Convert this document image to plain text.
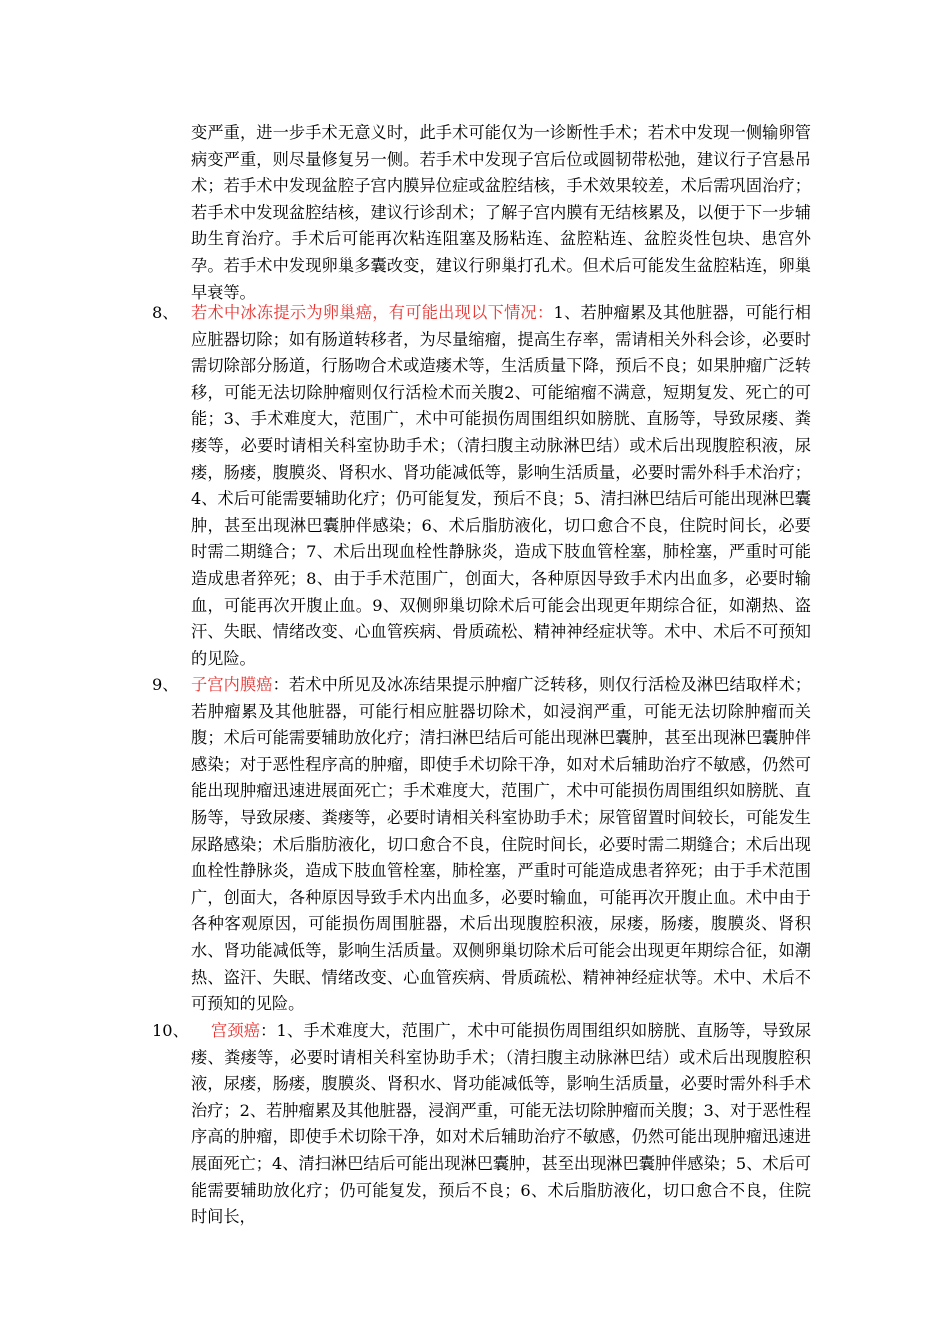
变严重，进一步手术无意义时，此手术可能仅为一诊断性手术；若术中发现一侧输卵管病变严重，则尽量修复另一侧。若手术中发现子宫后位或圆韧带松弛，建议行子宫悬吊术；若手术中发现盆腔子宫内膜异位症或盆腔结核，手术效果较差，术后需巩固治疗；若手术中发现盆腔结核，建议行诊刮术；了解子宫内膜有无结核累及，以便于下一步辅助生育治疗。手术后可能再次粘连阻塞及肠粘连、盆腔粘连、盆腔炎性包块、患宫外孕。若手术中发现卵巢多囊改变，建议行卵巢打孔术。但术后可能发生盆腔粘连，卵巢早衰等。
8、 若术中冰冻提示为卵巢癌，有可能出现以下情况：1、若肿瘤累及其他脏器，可能行相应脏器切除；如有肠道转移者，为尽量缩瘤，提高生存率，需请相关外科会诊，必要时需切除部分肠道，行肠吻合术或造瘘术等，生活质量下降，预后不良；如果肿瘤广泛转移，可能无法切除肿瘤则仅行活检术而关腹2、可能缩瘤不满意，短期复发、死亡的可能；3、手术难度大，范围广，术中可能损伤周围组织如膀胱、直肠等，导致尿瘘、粪瘘等，必要时请相关科室协助手术；（清扫腹主动脉淋巴结）或术后出现腹腔积液，尿瘘，肠瘘，腹膜炎、肾积水、肾功能减低等，影响生活质量，必要时需外科手术治疗；4、术后可能需要辅助化疗；仍可能复发，预后不良；5、清扫淋巴结后可能出现淋巴囊肿，甚至出现淋巴囊肿伴感染；6、术后脂肪液化，切口愈合不良，住院时间长，必要时需二期缝合；7、术后出现血栓性静脉炎，造成下肢血管栓塞，肺栓塞，严重时可能造成患者猝死；8、由于手术范围广，创面大，各种原因导致手术内出血多，必要时输血，可能再次开腹止血。9、双侧卵巢切除术后可能会出现更年期综合征，如潮热、盗汗、失眠、情绪改变、心血管疾病、骨质疏松、精神神经症状等。术中、术后不可预知的见险。
9、 子宫内膜癌：若术中所见及冰冻结果提示肿瘤广泛转移，则仅行活检及淋巴结取样术；若肿瘤累及其他脏器，可能行相应脏器切除术，如浸润严重，可能无法切除肿瘤而关腹；术后可能需要辅助放化疗；清扫淋巴结后可能出现淋巴囊肿，甚至出现淋巴囊肿伴感染；对于恶性程序高的肿瘤，即使手术切除干净，如对术后辅助治疗不敏感，仍然可能出现肿瘤迅速进展面死亡；手术难度大，范围广，术中可能损伤周围组织如膀胱、直肠等，导致尿瘘、粪瘘等，必要时请相关科室协助手术；尿管留置时间较长，可能发生尿路感染；术后脂肪液化，切口愈合不良，住院时间长，必要时需二期缝合；术后出现血栓性静脉炎，造成下肢血管栓塞，肺栓塞，严重时可能造成患者猝死；由于手术范围广，创面大，各种原因导致手术内出血多，必要时输血，可能再次开腹止血。术中由于各种客观原因，可能损伤周围脏器，术后出现腹腔积液，尿瘘，肠瘘，腹膜炎、肾积水、肾功能减低等，影响生活质量。双侧卵巢切除术后可能会出现更年期综合征，如潮热、盗汗、失眠、情绪改变、心血管疾病、骨质疏松、精神神经症状等。术中、术后不可预知的见险。
10、	宫颈癌：1、手术难度大，范围广，术中可能损伤周围组织如膀胱、直肠等，导致尿瘘、粪瘘等，必要时请相关科室协助手术；（清扫腹主动脉淋巴结）或术后出现腹腔积液，尿瘘，肠瘘，腹膜炎、肾积水、肾功能减低等，影响生活质量，必要时需外科手术治疗；2、若肿瘤累及其他脏器，浸润严重，可能无法切除肿瘤而关腹；3、对于恶性程序高的肿瘤，即使手术切除干净，如对术后辅助治疗不敏感，仍然可能出现肿瘤迅速进展面死亡；4、清扫淋巴结后可能出现淋巴囊肿，甚至出现淋巴囊肿伴感染；5、术后可能需要辅助放化疗；仍可能复发，预后不良；6、术后脂肪液化，切口愈合不良，住院时间长，
